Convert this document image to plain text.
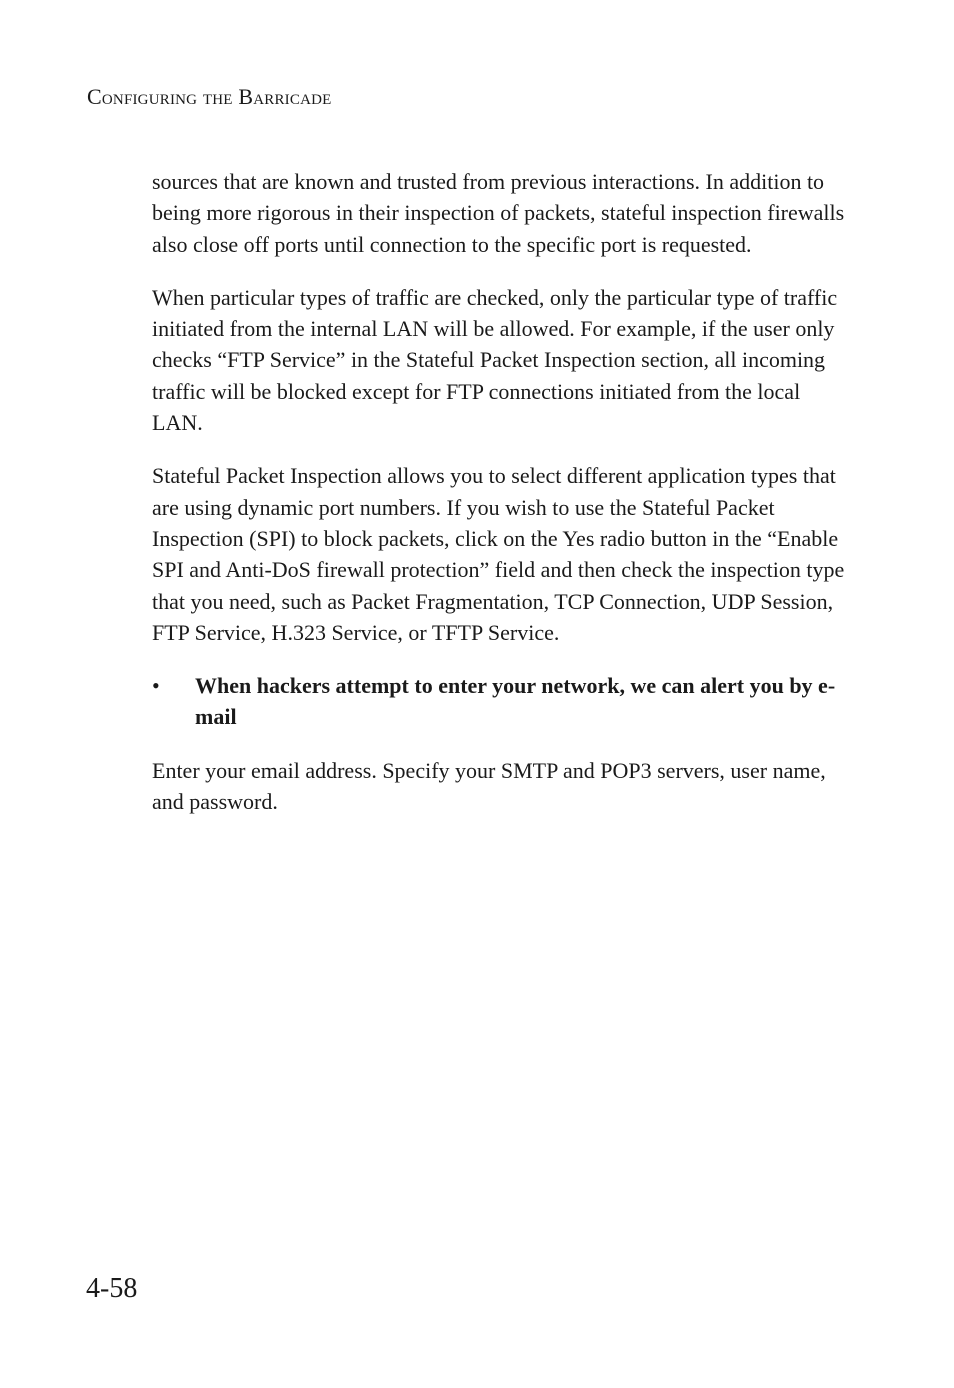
Configuring the Barricade

sources that are known and trusted from previous interactions. In addition to being more rigorous in their inspection of packets, stateful inspection firewalls also close off ports until connection to the specific port is requested.

When particular types of traffic are checked, only the particular type of traffic initiated from the internal LAN will be allowed. For example, if the user only checks “FTP Service” in the Stateful Packet Inspection section, all incoming traffic will be blocked except for FTP connections initiated from the local LAN.

Stateful Packet Inspection allows you to select different application types that are using dynamic port numbers. If you wish to use the Stateful Packet Inspection (SPI) to block packets, click on the Yes radio button in the “Enable SPI and Anti-DoS firewall protection” field and then check the inspection type that you need, such as Packet Fragmentation, TCP Connection, UDP Session, FTP Service, H.323 Service, or TFTP Service.

• When hackers attempt to enter your network, we can alert you by e-mail

Enter your email address. Specify your SMTP and POP3 servers, user name, and password.

4-58
